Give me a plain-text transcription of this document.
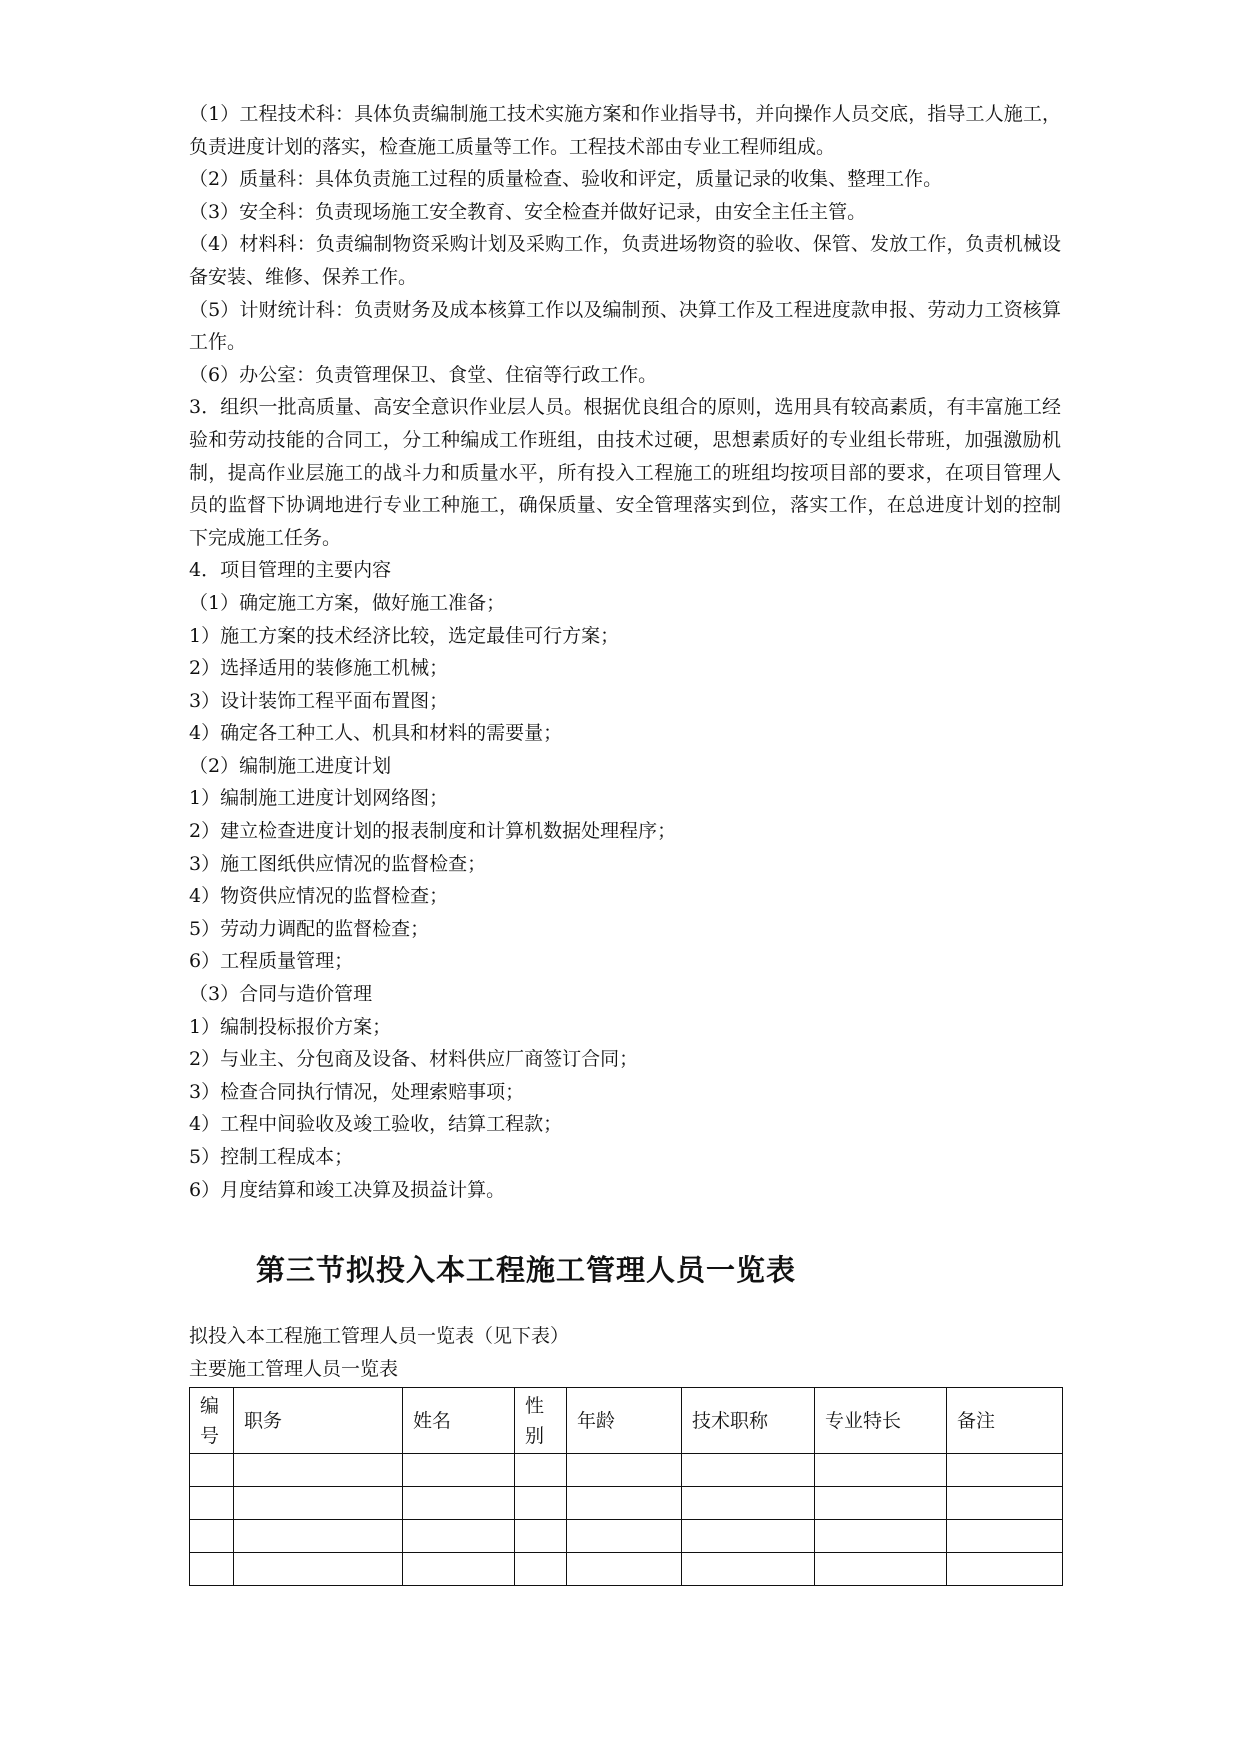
（1）工程技术科：具体负责编制施工技术实施方案和作业指导书，并向操作人员交底，指导工人施工，负责进度计划的落实，检查施工质量等工作。工程技术部由专业工程师组成。

（2）质量科：具体负责施工过程的质量检查、验收和评定，质量记录的收集、整理工作。

（3）安全科：负责现场施工安全教育、安全检查并做好记录，由安全主任主管。

（4）材料科：负责编制物资采购计划及采购工作，负责进场物资的验收、保管、发放工作，负责机械设备安装、维修、保养工作。

（5）计财统计科：负责财务及成本核算工作以及编制预、决算工作及工程进度款申报、劳动力工资核算工作。

（6）办公室：负责管理保卫、食堂、住宿等行政工作。

3．组织一批高质量、高安全意识作业层人员。根据优良组合的原则，选用具有较高素质，有丰富施工经验和劳动技能的合同工，分工种编成工作班组，由技术过硬，思想素质好的专业组长带班，加强激励机制，提高作业层施工的战斗力和质量水平，所有投入工程施工的班组均按项目部的要求，在项目管理人员的监督下协调地进行专业工种施工，确保质量、安全管理落实到位，落实工作，在总进度计划的控制下完成施工任务。

4．项目管理的主要内容

（1）确定施工方案，做好施工准备；

1）施工方案的技术经济比较，选定最佳可行方案；

2）选择适用的装修施工机械；

3）设计装饰工程平面布置图；

4）确定各工种工人、机具和材料的需要量；

（2）编制施工进度计划

1）编制施工进度计划网络图；

2）建立检查进度计划的报表制度和计算机数据处理程序；

3）施工图纸供应情况的监督检查；

4）物资供应情况的监督检查；

5）劳动力调配的监督检查；

6）工程质量管理；

（3）合同与造价管理

1）编制投标报价方案；

2）与业主、分包商及设备、材料供应厂商签订合同；

3）检查合同执行情况，处理索赔事项；

4）工程中间验收及竣工验收，结算工程款；

5）控制工程成本；

6）月度结算和竣工决算及损益计算。

第三节拟投入本工程施工管理人员一览表

拟投入本工程施工管理人员一览表（见下表）

主要施工管理人员一览表

编号	职务	姓名	性别	年龄	技术职称	专业特长	备注
